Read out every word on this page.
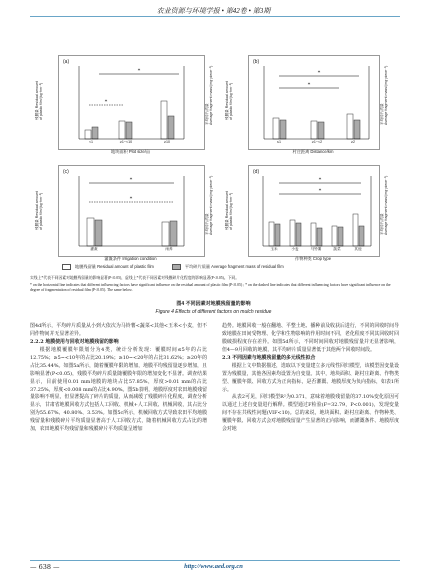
农业资源与环境学报 • 第42卷 • 第3期
(a)
*
*
<1	≥1~<10	≥10
残膜量 Residual amount
of plastic film/(kg·hm⁻²)	平均碎片质量
Average fragment mass/(mg·piece⁻¹)
地块面积 Plot size/亩
(b)
*
*
≤1	≥1~<2	≥2
残膜量 Residual amount
of plastic film/(kg·hm⁻²)	平均碎片质量
Average fragment mass/(mg·piece⁻¹)
村庄距离 Distance/km
(c)
*
*
灌溉	雨养
残膜量 Residual amount
of plastic film/(kg·hm⁻²)	平均碎片质量
Average fragment mass/(mg·piece⁻¹)
灌溉条件 Irrigation condition
(d)
*
*
玉米	小麦	马铃薯	蔬菜	其他
残膜量 Residual amount
of plastic film/(kg·hm⁻²)	平均碎片质量
Average fragment mass/(mg·piece⁻¹)
作物种类 Crop type
地膜残留量 Residual amount of plastic film	平均碎片质量 Average fragment mass of residual film
实线上*代表不同因素对地膜残留量的影响显著(P<0.05)，虚线上*代表不同因素对残膜碎片化程度的影响显著(P<0.05)。下同。
* on the horizontal line indicates that different influencing factors have significant influence on the residual amount of plastic film (P<0.05) ; * on the dashed line indicates that different influencing factors have significant influence on the degree of fragmentation of residual film (P<0.05). The same below.
图4 不同因素对地膜残留量的影响
Figure 4 Effects of different factors on mulch residue

图4d所示，平均碎片质量从小到大依次为马铃薯<蔬菜<其他<玉米<小麦，但不同作物间并无显著差异。

2.2.2 地膜使用与回收对地膜残留的影响

根据地膜覆膜年限划分为4类，统计分析发现：覆膜时间≤5年的占比12.75%；≥5~<10年的占比20.19%；≥10~<20年的占比31.62%；≥20年的占比35.44%。如图5a所示，随着覆膜年限的增加，地膜平均残留量逐步增加，且影响显著(P<0.05)，残膜平均碎片质量随覆膜年限的增加变化不显著。调查结果显示，目前使用0.01 mm地膜的地块占比57.85%，厚度>0.01 mm的占比37.25%，厚度<0.008 mm的占比4.90%。图5b表明，地膜厚度对农田地膜残留量影响不明显，但显著提高了碎片的质量，从而减缓了残膜碎片化程度。调查分析显示，甘肃省地膜回收方式包括人工回收、机械+人工回收、机械回收，其占比分别为55.67%、40.80%、3.53%。如图5c所示，机械回收方式导致农田平均地膜残留量和残膜碎片平均质量显著高于人工回收方式，随着机械回收方式占比的增加，农田地膜平均残留量和残膜碎片平均质量呈增加

趋势。地膜回收一般在翻地、平整土地、播种前及收获后进行，不同的回收时间导致地膜在田间受物理、化学和生物影响的作用时间不同，老化程度不同其回收时回膜破损程度存在差异。如图5d所示，不同时间回收对地膜残留量并无显著影响，但4—9月回收的地膜，其平均碎片质量显著低于其他两个回收时间段。

2.3 不同因素与地膜残留量的多元线性拟合

根据上文中数据描述，选取以下变量建立多元线性回归模型，该模型因变量设置为残膜量，其他各因素均设置为自变量。其中，地块面积、距村庄距离、作物类型、覆膜年限、回收方式为正向指标，是否灌溉、地膜厚度为负向指标，如表1所示。

从表2可见，回归模型R²为0.371，意味着地膜残留量的37.10%变化原因可以通过上述自变量进行解释。模型通过F检验(F=32.79，P<0.001)，发现变量间不存在共线性问题(VIF<10)。总的来说，地块面积、距村庄距离、作物种类、覆膜年限、回收方式会对地膜残留量产生显著的正向影响，而灌溉条件、地膜厚度会对地

— 638 —	http://www.aed.org.cn
